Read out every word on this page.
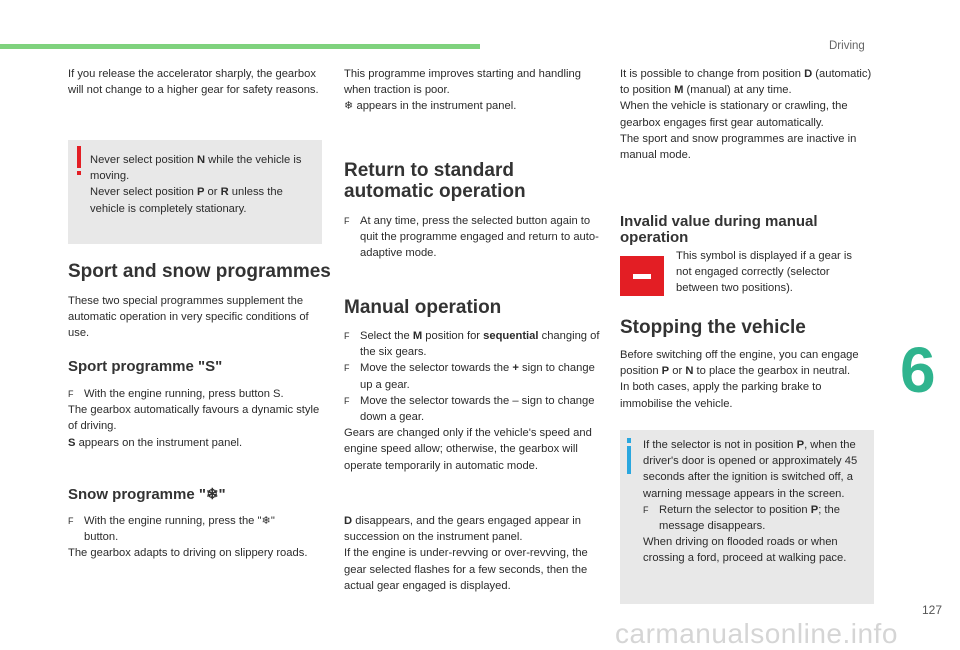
Driving
If you release the accelerator sharply, the gearbox will not change to a higher gear for safety reasons.

Never select position N while the vehicle is moving.

Never select position P or R unless the vehicle is completely stationary.

Sport and snow programmes
These two special programmes supplement the automatic operation in very specific conditions of use.
Sport programme "S"
F With the engine running, press button S.

The gearbox automatically favours a dynamic style of driving.

S appears on the instrument panel.

Snow programme "❄"
F With the engine running, press the "❄" button.

The gearbox adapts to driving on slippery roads.

This programme improves starting and handling when traction is poor.

❄ appears in the instrument panel.

Return to standard
automatic operation
F At any time, press the selected button again to quit the programme engaged and return to auto-adaptive mode.
Manual operation
F Select the M position for sequential changing of the six gears.
F Move the selector towards the + sign to change up a gear.
F Move the selector towards the – sign to change down a gear.

Gears are changed only if the vehicle's speed and engine speed allow; otherwise, the gearbox will operate temporarily in automatic mode.

D disappears, and the gears engaged appear in succession on the instrument panel.

If the engine is under-revving or over-revving, the gear selected flashes for a few seconds, then the actual gear engaged is displayed.

It is possible to change from position D (automatic) to position M (manual) at any time.

When the vehicle is stationary or crawling, the gearbox engages first gear automatically.

The sport and snow programmes are inactive in manual mode.

Invalid value during manual
operation
This symbol is displayed if a gear is not engaged correctly (selector between two positions).
Stopping the vehicle

Before switching off the engine, you can engage position P or N to place the gearbox in neutral.

In both cases, apply the parking brake to immobilise the vehicle.

If the selector is not in position P, when the driver's door is opened or approximately 45 seconds after the ignition is switched off, a warning message appears in the screen.

F Return the selector to position P; the message disappears.

When driving on flooded roads or when crossing a ford, proceed at walking pace.

6
127
carmanualsonline.info
